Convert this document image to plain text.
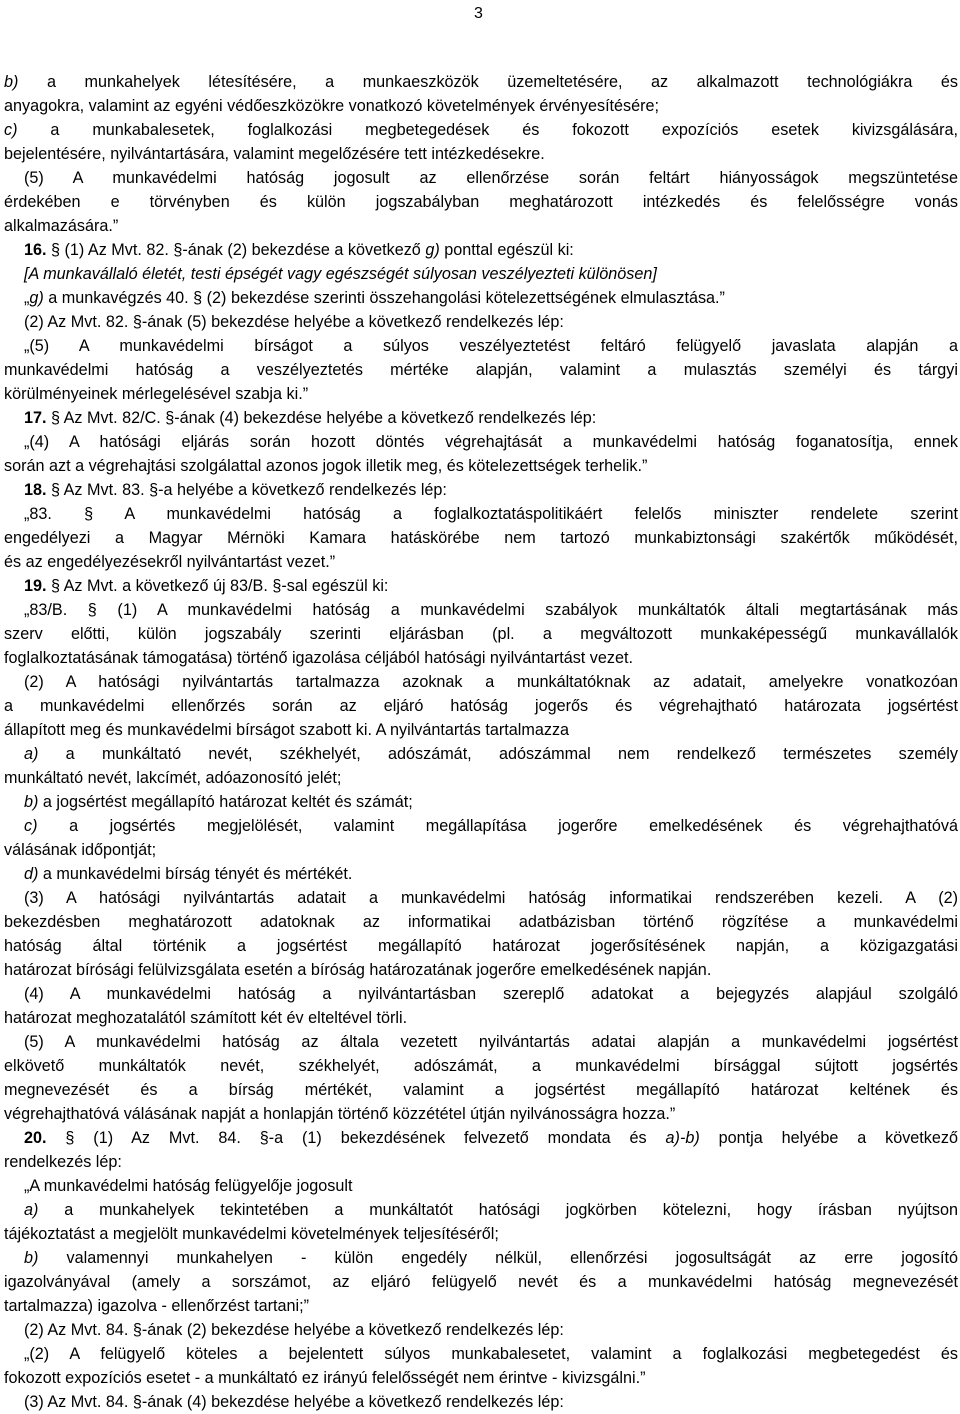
3
b) a munkahelyek létesítésére, a munkaeszközök üzemeltetésére, az alkalmazott technológiákra és
anyagokra, valamint az egyéni védőeszközökre vonatkozó követelmények érvényesítésére;
c) a munkabalesetek, foglalkozási megbetegedések és fokozott expozíciós esetek kivizsgálására,
bejelentésére, nyilvántartására, valamint megelőzésére tett intézkedésekre.
(5) A munkavédelmi hatóság jogosult az ellenőrzése során feltárt hiányosságok megszüntetése
érdekében e törvényben és külön jogszabályban meghatározott intézkedés és felelősségre vonás
alkalmazására.”
16. § (1) Az Mvt. 82. §-ának (2) bekezdése a következő g) ponttal egészül ki:
[A munkavállaló életét, testi épségét vagy egészségét súlyosan veszélyezteti különösen]
„g) a munkavégzés 40. § (2) bekezdése szerinti összehangolási kötelezettségének elmulasztása.”
(2) Az Mvt. 82. §-ának (5) bekezdése helyébe a következő rendelkezés lép:
„(5) A munkavédelmi bírságot a súlyos veszélyeztetést feltáró felügyelő javaslata alapján a
munkavédelmi hatóság a veszélyeztetés mértéke alapján, valamint a mulasztás személyi és tárgyi
körülményeinek mérlegelésével szabja ki.”
17. § Az Mvt. 82/C. §-ának (4) bekezdése helyébe a következő rendelkezés lép:
„(4) A hatósági eljárás során hozott döntés végrehajtását a munkavédelmi hatóság foganatosítja, ennek
során azt a végrehajtási szolgálattal azonos jogok illetik meg, és kötelezettségek terhelik.”
18. § Az Mvt. 83. §-a helyébe a következő rendelkezés lép:
„83. § A munkavédelmi hatóság a foglalkoztatáspolitikáért felelős miniszter rendelete szerint
engedélyezi a Magyar Mérnöki Kamara hatáskörébe nem tartozó munkabiztonsági szakértők működését,
és az engedélyezésekről nyilvántartást vezet.”
19. § Az Mvt. a következő új 83/B. §-sal egészül ki:
„83/B. § (1) A munkavédelmi hatóság a munkavédelmi szabályok munkáltatók általi megtartásának más
szerv előtti, külön jogszabály szerinti eljárásban (pl. a megváltozott munkaképességű munkavállalók
foglalkoztatásának támogatása) történő igazolása céljából hatósági nyilvántartást vezet.
(2) A hatósági nyilvántartás tartalmazza azoknak a munkáltatóknak az adatait, amelyekre vonatkozóan
a munkavédelmi ellenőrzés során az eljáró hatóság jogerős és végrehajtható határozata jogsértést
állapított meg és munkavédelmi bírságot szabott ki. A nyilvántartás tartalmazza
a) a munkáltató nevét, székhelyét, adószámát, adószámmal nem rendelkező természetes személy
munkáltató nevét, lakcímét, adóazonosító jelét;
b) a jogsértést megállapító határozat keltét és számát;
c) a jogsértés megjelölését, valamint megállapítása jogerőre emelkedésének és végrehajthatóvá
válásának időpontját;
d) a munkavédelmi bírság tényét és mértékét.
(3) A hatósági nyilvántartás adatait a munkavédelmi hatóság informatikai rendszerében kezeli. A (2)
bekezdésben meghatározott adatoknak az informatikai adatbázisban történő rögzítése a munkavédelmi
hatóság által történik a jogsértést megállapító határozat jogerősítésének napján, a közigazgatási
határozat bírósági felülvizsgálata esetén a bíróság határozatának jogerőre emelkedésének napján.
(4) A munkavédelmi hatóság a nyilvántartásban szereplő adatokat a bejegyzés alapjául szolgáló
határozat meghozatalától számított két év elteltével törli.
(5) A munkavédelmi hatóság az általa vezetett nyilvántartás adatai alapján a munkavédelmi jogsértést
elkövető munkáltatók nevét, székhelyét, adószámát, a munkavédelmi bírsággal sújtott jogsértés
megnevezését és a bírság mértékét, valamint a jogsértést megállapító határozat keltének és
végrehajthatóvá válásának napját a honlapján történő közzététel útján nyilvánosságra hozza.”
20. § (1) Az Mvt. 84. §-a (1) bekezdésének felvezető mondata és a)-b) pontja helyébe a következő
rendelkezés lép:
„A munkavédelmi hatóság felügyelője jogosult
a) a munkahelyek tekintetében a munkáltatót hatósági jogkörben kötelezni, hogy írásban nyújtson
tájékoztatást a megjelölt munkavédelmi követelmények teljesítéséről;
b) valamennyi munkahelyen - külön engedély nélkül, ellenőrzési jogosultságát az erre jogosító
igazolványával (amely a sorszámot, az eljáró felügyelő nevét és a munkavédelmi hatóság megnevezését
tartalmazza) igazolva - ellenőrzést tartani;”
(2) Az Mvt. 84. §-ának (2) bekezdése helyébe a következő rendelkezés lép:
„(2) A felügyelő köteles a bejelentett súlyos munkabalesetet, valamint a foglalkozási megbetegedést és
fokozott expozíciós esetet - a munkáltató ez irányú felelősségét nem érintve - kivizsgálni.”
(3) Az Mvt. 84. §-ának (4) bekezdése helyébe a következő rendelkezés lép:
